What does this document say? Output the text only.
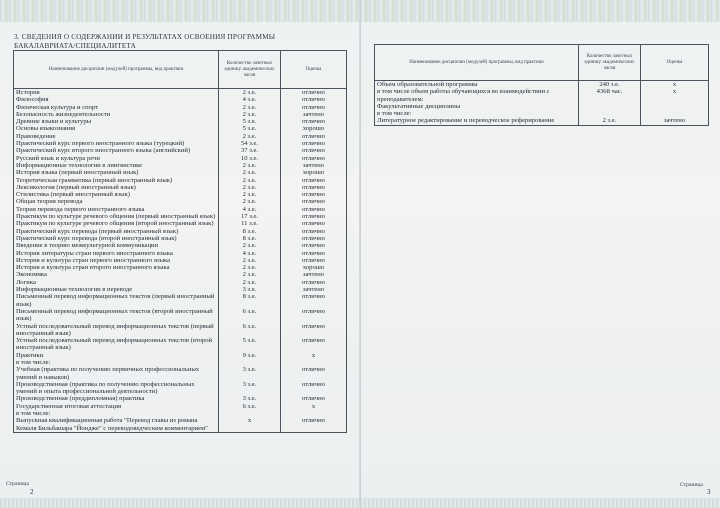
3. СВЕДЕНИЯ О СОДЕРЖАНИИ И РЕЗУЛЬТАТАХ ОСВОЕНИЯ ПРОГРАММЫ БАКАЛАВРИАТА/СПЕЦИАЛИТЕТА
Наименование дисциплин (модулей) программы, вид практики	Количество зачетных единиц/ академических часов	Оценка
История	2 з.е.	отлично
Философия	4 з.е.	отлично
Физическая культура и спорт	2 з.е.	отлично
Безопасность жизнедеятельности	2 з.е.	зачтено
Древние языки и культуры	5 з.е.	отлично
Основы языкознания	5 з.е.	хорошо
Правоведение	2 з.е.	отлично
Практический курс первого иностранного языка (турецкий)	54 з.е.	отлично
Практический курс второго иностранного языка (английский)	37 з.е.	отлично
Русский язык и культура речи	10 з.е.	отлично
Информационные технологии в лингвистике	2 з.е.	зачтено
История языка (первый иностранный язык)	2 з.е.	хорошо
Теоретическая грамматика (первый иностранный язык)	2 з.е.	отлично
Лексикология (первый иностранный язык)	2 з.е.	отлично
Стилистика (первый иностранный язык)	2 з.е.	отлично
Общая теория перевода	2 з.е.	отлично
Теория перевода первого иностранного языка	4 з.е.	отлично
Практикум по культуре речевого общения (первый иностранный язык)	17 з.е.	отлично
Практикум по культуре речевого общения (второй иностранный язык)	11 з.е.	отлично
Практический курс перевода (первый иностранный язык)	8 з.е.	отлично
Практический курс перевода (второй иностранный язык)	8 з.е.	отлично
Введение в теорию межкультурной коммуникации	2 з.е.	отлично
История литературы стран первого иностранного языка	4 з.е.	отлично
История и культура стран первого иностранного языка	2 з.е.	отлично
История и культура стран второго иностранного языка	2 з.е.	хорошо
Экономика	2 з.е.	зачтено
Логика	2 з.е.	отлично
Информационные технологии в переводе	3 з.е.	зачтено
Письменный перевод информационных текстов (первый иностранный язык)	8 з.е.	отлично
Письменный перевод информационных текстов (второй иностранный язык)	6 з.е.	отлично
Устный последовательный перевод информационных текстов (первый иностранный язык)	6 з.е.	отлично
Устный последовательный перевод информационных текстов (второй иностранный язык)	5 з.е.	отлично
Практики	9 з.е.	x
в том числе:		
Учебная (практика по получению первичных профессиональных умений и навыков)	3 з.е.	отлично
Производственная (практика по получению профессиональных умений и опыта профессиональной деятельности)	3 з.е.	отлично
Производственная (преддипломная) практика	3 з.е.	отлично
Государственная итоговая аттестация	6 з.е.	x
в том числе:		
Выпускная квалификационная работа "Перевод главы из романа Кемаля Бильбашара "Йондже" с переводоведческим комментарием"	x	отлично
Наименование дисциплин (модулей) программы, вид практики	Количество зачетных единиц/ академических часов	Оценка
Объем образовательной программы	240 з.е.	x
в том числе объем работы обучающихся во взаимодействии с преподавателем:	4368 час.	x
Факультативные дисциплины		
в том числе:		
Литературное редактирование и переводческое реферирование	2 з.е.	зачтено
Страница
2
Страница
3
